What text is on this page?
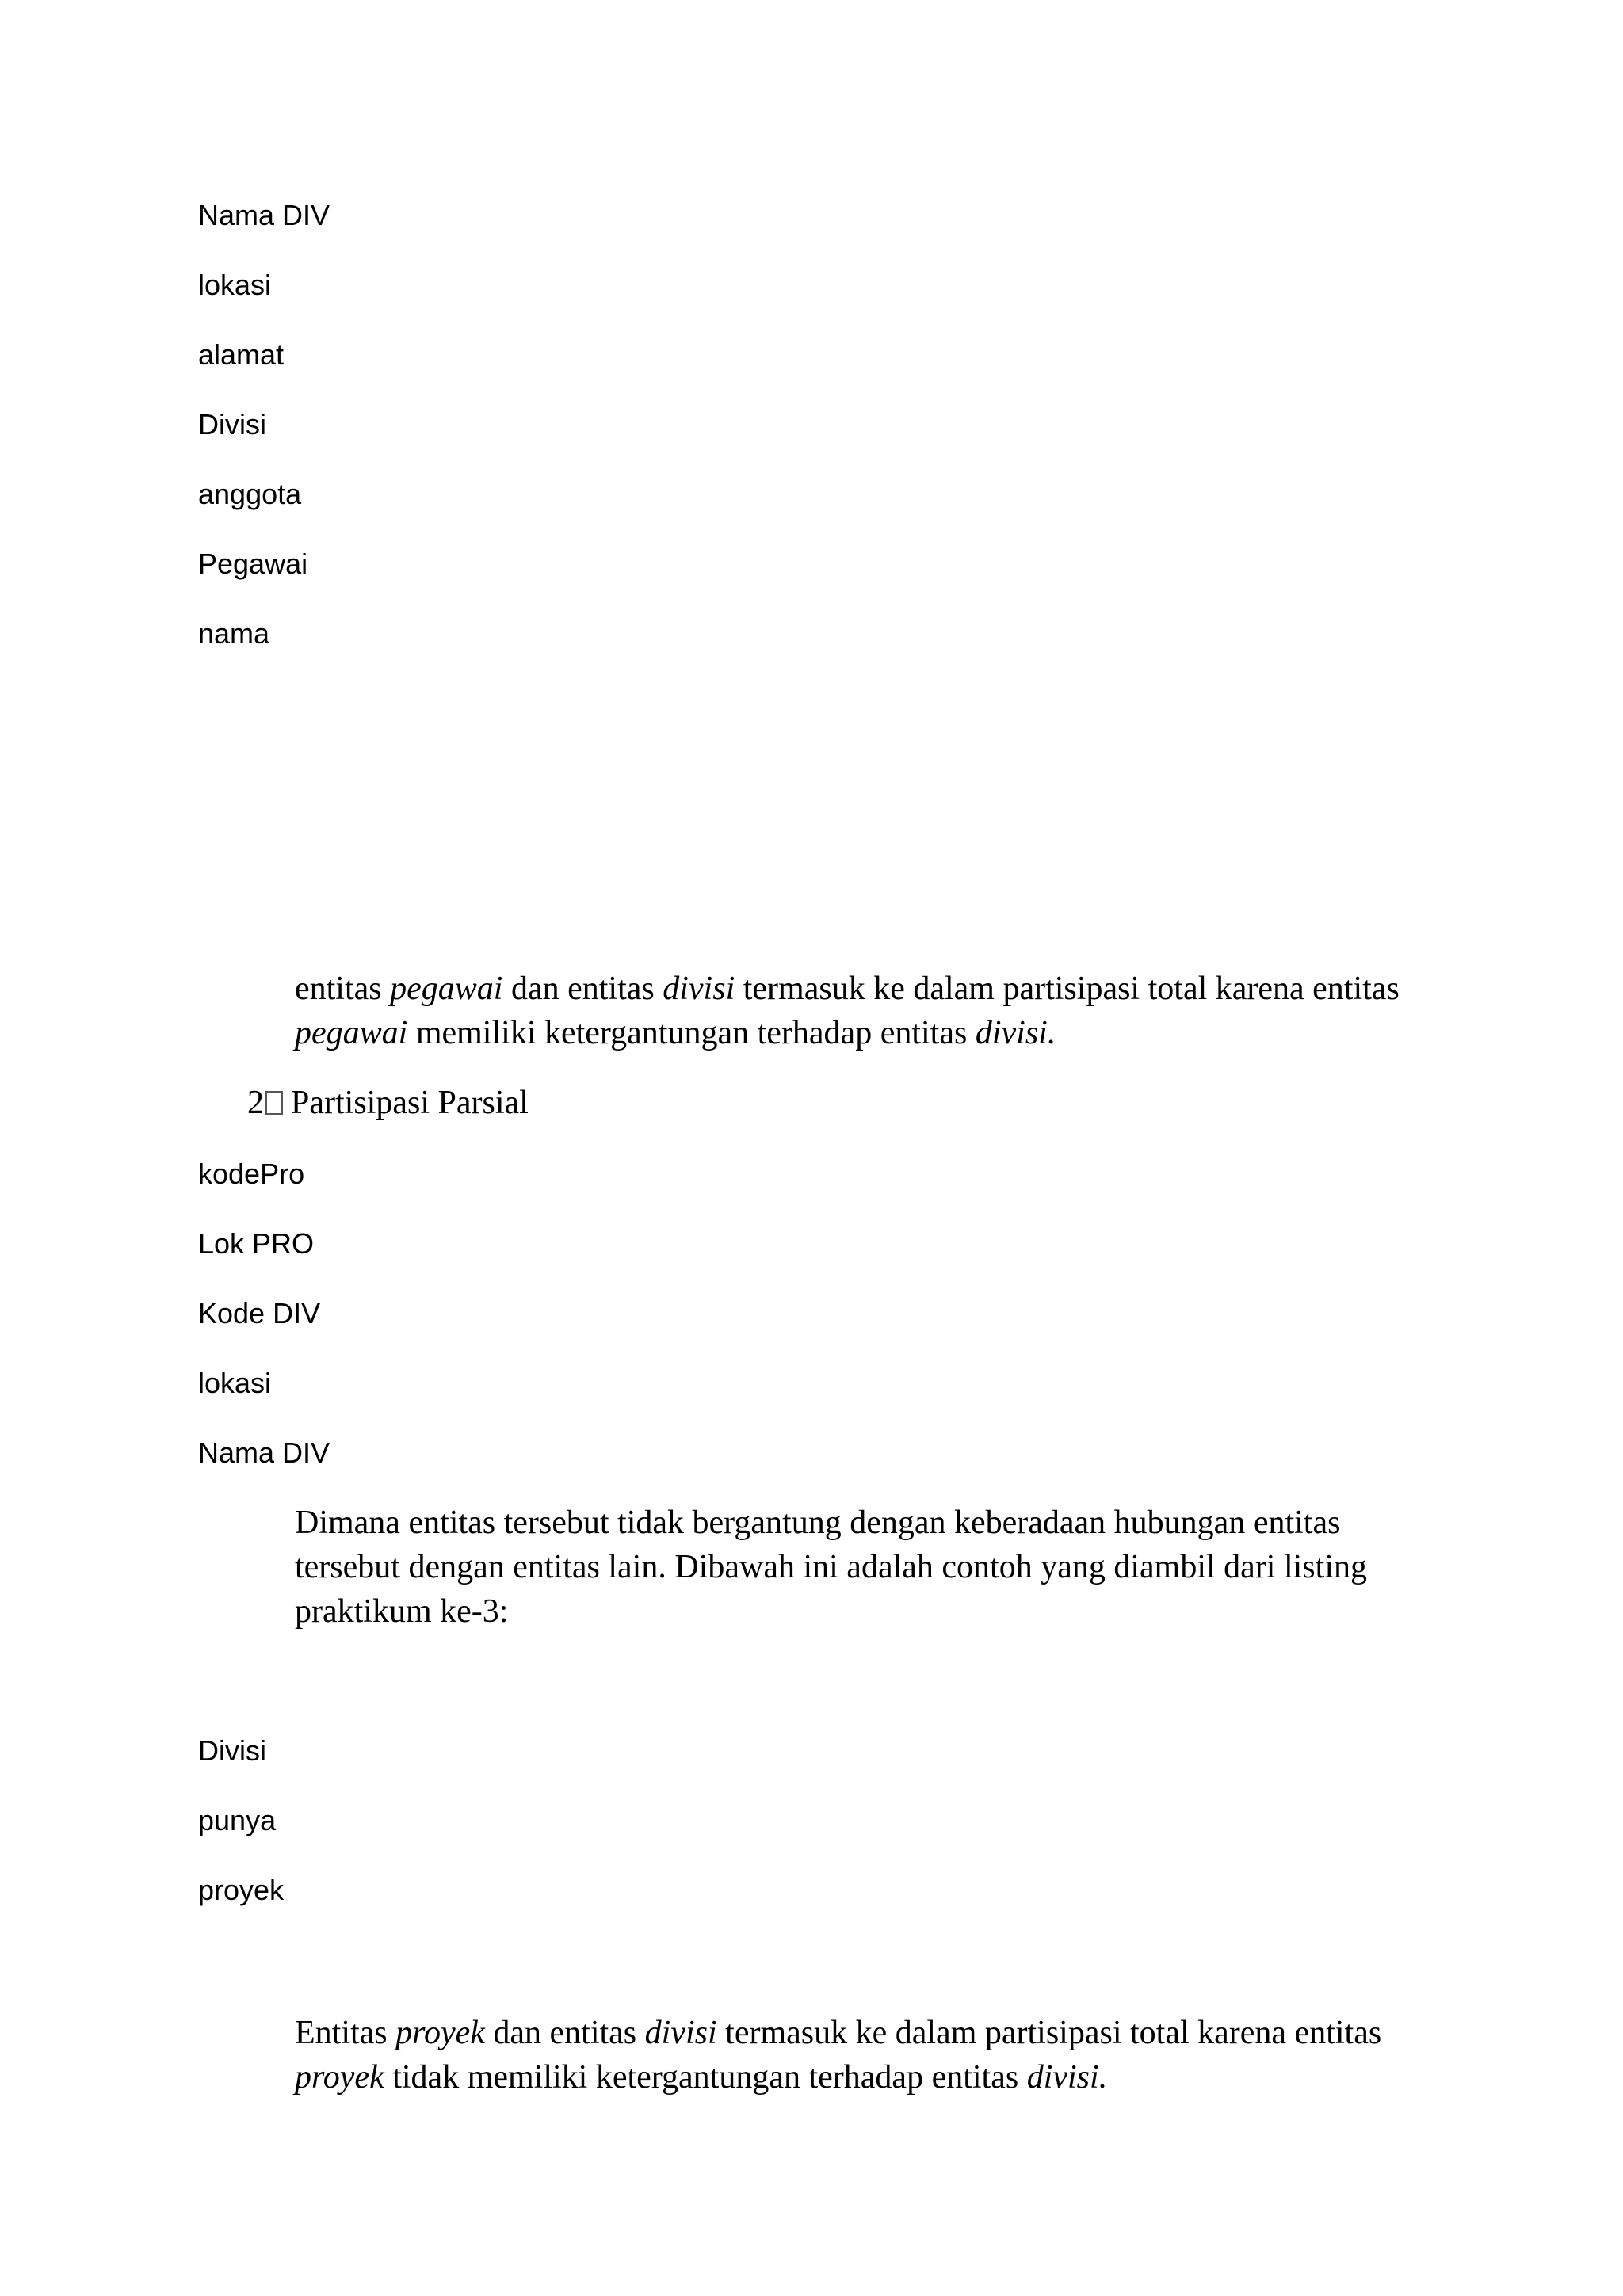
Nama DIV
lokasi
alamat
Divisi
anggota
Pegawai
nama
entitas pegawai dan entitas divisi termasuk ke dalam partisipasi total karena entitas
pegawai memiliki ketergantungan terhadap entitas divisi.
2 Partisipasi Parsial
kodePro
Lok PRO
Kode DIV
lokasi
Nama DIV
Dimana entitas tersebut tidak bergantung dengan keberadaan hubungan entitas tersebut dengan entitas lain. Dibawah ini adalah contoh yang diambil dari listing praktikum ke-3:
Divisi
punya
proyek
Entitas proyek dan entitas divisi termasuk ke dalam partisipasi total karena entitas
proyek tidak memiliki ketergantungan terhadap entitas divisi.
